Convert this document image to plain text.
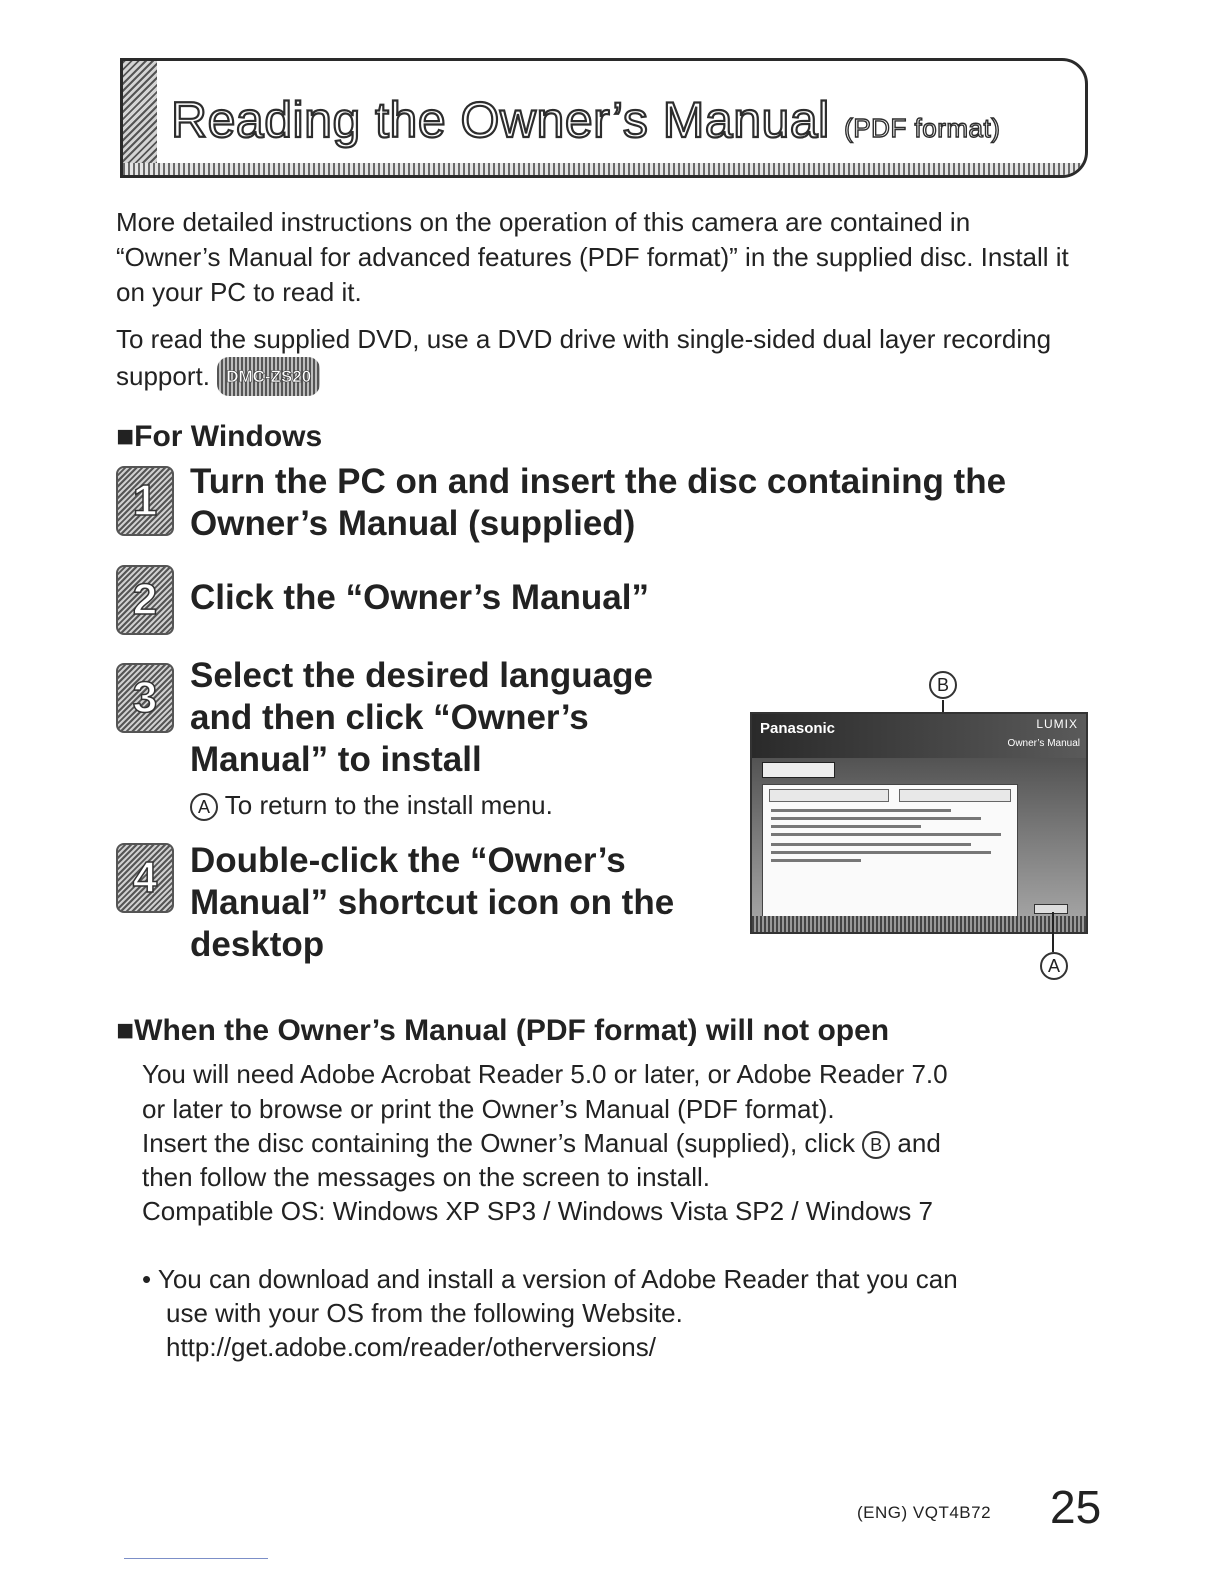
Reading the Owner’s Manual (PDF format)
More detailed instructions on the operation of this camera are contained in “Owner’s Manual for advanced features (PDF format)” in the supplied disc. Install it on your PC to read it.
To read the supplied DVD, use a DVD drive with single-sided dual layer recording support. DMC-ZS20
■For Windows
1 Turn the PC on and insert the disc containing the Owner’s Manual (supplied)
2 Click the “Owner’s Manual”
3 Select the desired language and then click “Owner’s Manual” to install
A To return to the install menu.
4 Double-click the “Owner’s Manual” shortcut icon on the desktop
B
Panasonic	LUMIX
Owner’s Manual
A
■When the Owner’s Manual (PDF format) will not open
You will need Adobe Acrobat Reader 5.0 or later, or Adobe Reader 7.0
or later to browse or print the Owner’s Manual (PDF format).
Insert the disc containing the Owner’s Manual (supplied), click B and
then follow the messages on the screen to install.
Compatible OS: Windows XP SP3 / Windows Vista SP2 / Windows 7
• You can download and install a version of Adobe Reader that you can
use with your OS from the following Website.
http://get.adobe.com/reader/otherversions/
(ENG) VQT4B72 25
